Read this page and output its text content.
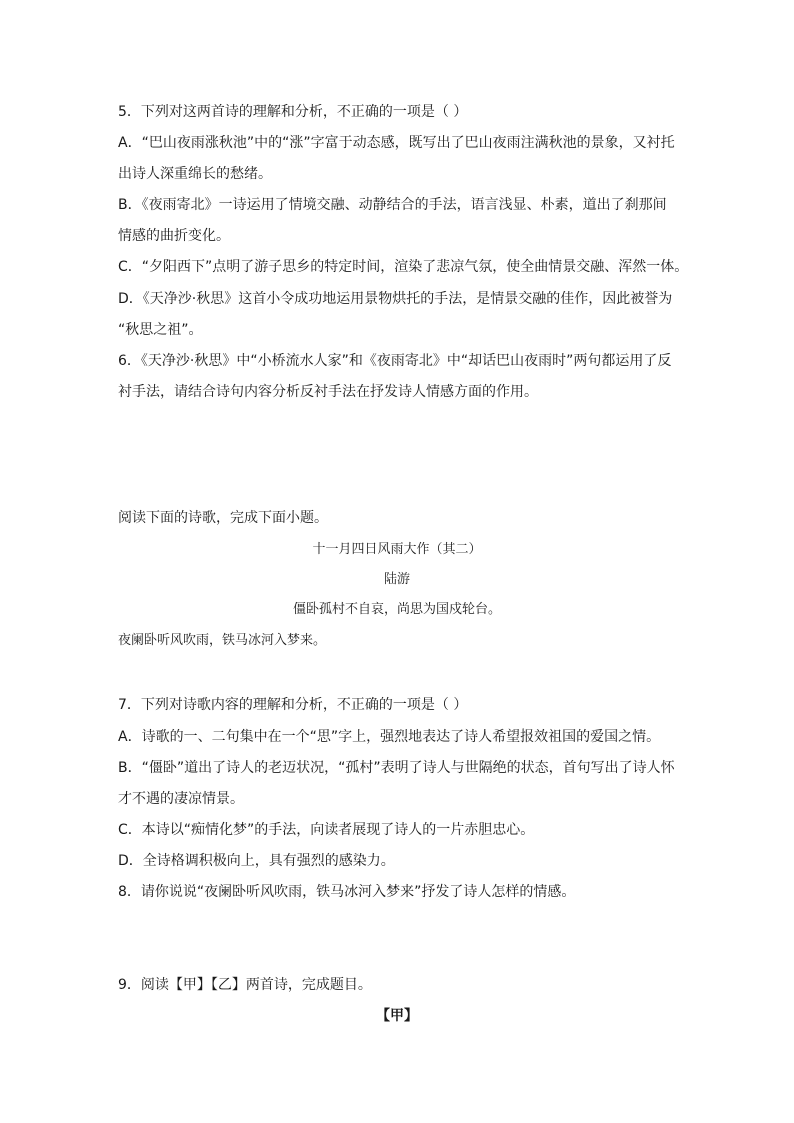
5．下列对这两首诗的理解和分析，不正确的一项是（ ）
A．“巴山夜雨涨秋池”中的“涨”字富于动态感，既写出了巴山夜雨注满秋池的景象，又衬托
出诗人深重绵长的愁绪。
B．《夜雨寄北》一诗运用了情境交融、动静结合的手法，语言浅显、朴素，道出了刹那间
情感的曲折变化。
C．“夕阳西下”点明了游子思乡的特定时间，渲染了悲凉气氛，使全曲情景交融、浑然一体。
D．《天净沙·秋思》这首小令成功地运用景物烘托的手法，是情景交融的佳作，因此被誉为
“秋思之祖”。
6．《天净沙·秋思》中“小桥流水人家”和《夜雨寄北》中“却话巴山夜雨时”两句都运用了反
衬手法，请结合诗句内容分析反衬手法在抒发诗人情感方面的作用。
阅读下面的诗歌，完成下面小题。
十一月四日风雨大作（其二）
陆游
僵卧孤村不自哀，尚思为国戍轮台。
夜阑卧听风吹雨，铁马冰河入梦来。
7．下列对诗歌内容的理解和分析，不正确的一项是（ ）
A．诗歌的一、二句集中在一个“思”字上，强烈地表达了诗人希望报效祖国的爱国之情。
B．“僵卧”道出了诗人的老迈状况，“孤村”表明了诗人与世隔绝的状态，首句写出了诗人怀
才不遇的凄凉情景。
C．本诗以“痴情化梦”的手法，向读者展现了诗人的一片赤胆忠心。
D．全诗格调积极向上，具有强烈的感染力。
8．请你说说“夜阑卧听风吹雨，铁马冰河入梦来”抒发了诗人怎样的情感。
9．阅读【甲】【乙】两首诗，完成题目。
【甲】
